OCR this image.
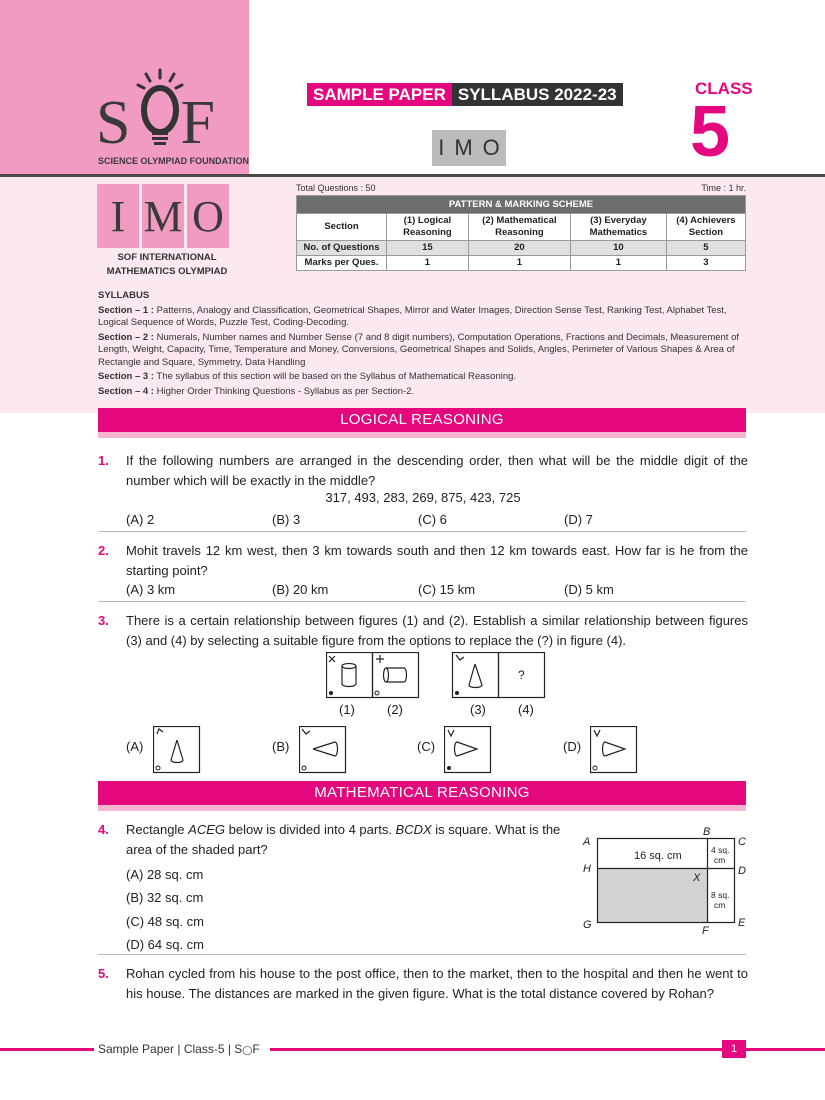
S F
SCIENCE OLYMPIAD FOUNDATION
SAMPLE PAPER SYLLABUS 2022-23
I M O
CLASS
5
I M O
SOF INTERNATIONAL
MATHEMATICS OLYMPIAD
Total Questions : 50	Time : 1 hr.
PATTERN & MARKING SCHEME				
Section	(1) Logical Reasoning	(2) Mathematical Reasoning	(3) Everyday Mathematics	(4) Achievers Section
No. of Questions	15	20	10	5
Marks per Ques.	1	1	1	3
SYLLABUS

Section – 1 : Patterns, Analogy and Classification, Geometrical Shapes, Mirror and Water Images, Direction Sense Test, Ranking Test, Alphabet Test, Logical Sequence of Words, Puzzle Test, Coding-Decoding.

Section – 2 : Numerals, Number names and Number Sense (7 and 8 digit numbers), Computation Operations, Fractions and Decimals, Measurement of Length, Weight, Capacity, Time, Temperature and Money, Conversions, Geometrical Shapes and Solids, Angles, Perimeter of Various Shapes & Area of Rectangle and Square, Symmetry, Data Handling

Section – 3 : The syllabus of this section will be based on the Syllabus of Mathematical Reasoning.

Section – 4 : Higher Order Thinking Questions - Syllabus as per Section-2.

LOGICAL REASONING
1. If the following numbers are arranged in the descending order, then what will be the middle digit of the number which will be exactly in the middle?
317, 493, 283, 269, 875, 423, 725
(A) 2	(B) 3	(C) 6	(D) 7
2. Mohit travels 12 km west, then 3 km towards south and then 12 km towards east. How far is he from the starting point?
(A) 3 km	(B) 20 km	(C) 15 km	(D) 5 km
3. There is a certain relationship between figures (1) and (2). Establish a similar relationship between figures (3) and (4) by selecting a suitable figure from the options to replace the (?) in figure (4).
?
(1) (2)	(3) (4)
(A)	(B)	(C)	(D)
MATHEMATICAL REASONING
4. Rectangle ACEG below is divided into 4 parts. BCDX is square. What is the area of the shaded part?
(A) 28 sq. cm
(B) 32 sq. cm
(C) 48 sq. cm
(D) 64 sq. cm
A
B
C
D
E
F
G
H
X
16 sq. cm	4 sq.
cm
8 sq.
cm
5. Rohan cycled from his house to the post office, then to the market, then to the hospital and then he went to his house. The distances are marked in the given figure. What is the total distance covered by Rohan?
Sample Paper | Class-5 | S◯F	1
